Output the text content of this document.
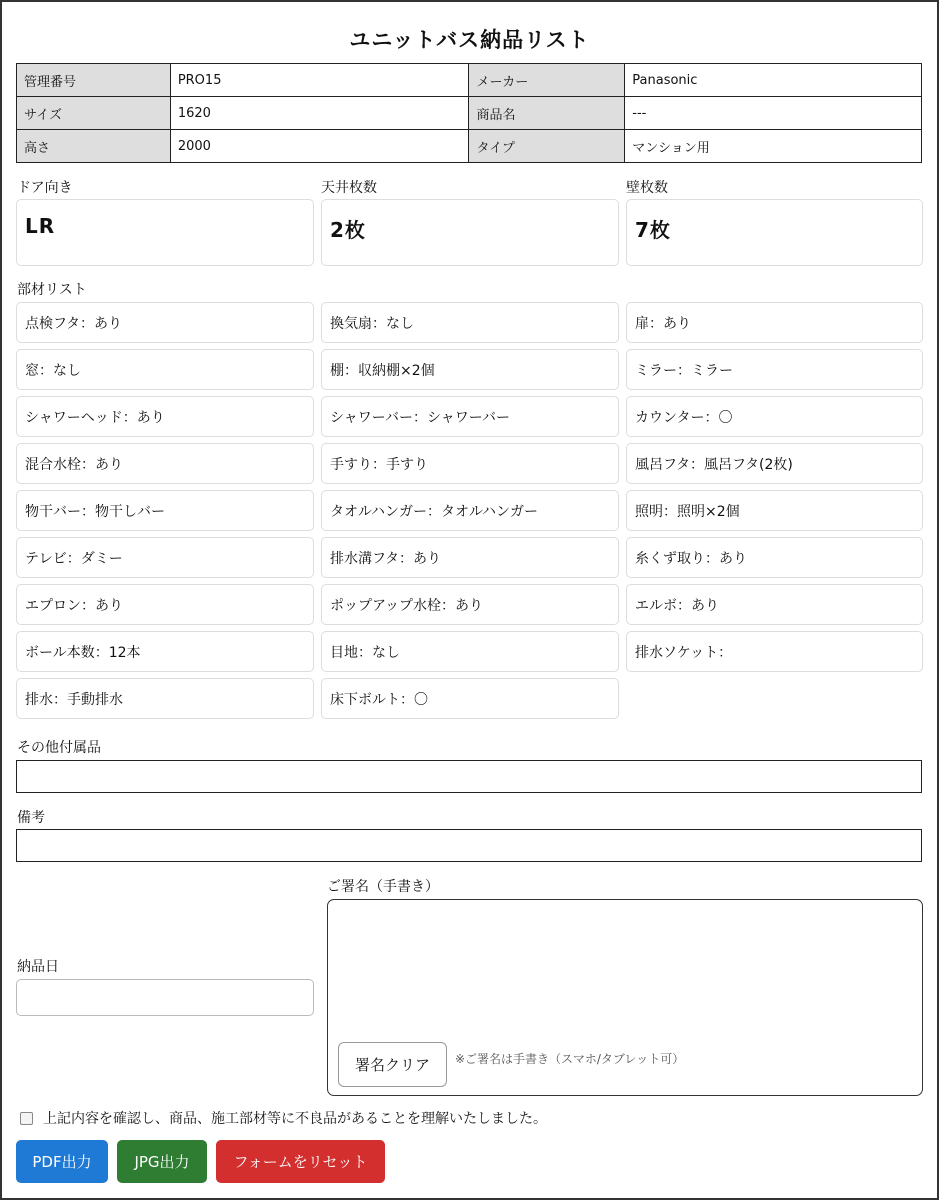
ユニットバス納品リスト
管理番号	PRO15	メーカー	Panasonic
サイズ	1620	商品名	---
高さ	2000	タイプ	マンション用
ドア向き	天井枚数	壁枚数
LR	2枚	7枚
部材リスト
点検フタ：あり	換気扇：なし	扉：あり
窓：なし	棚：収納棚×2個	ミラー：ミラー
シャワーヘッド：あり	シャワーバー：シャワーバー	カウンター：〇
混合水栓：あり	手すり：手すり	風呂フタ：風呂フタ(2枚)
物干バー：物干しバー	タオルハンガー：タオルハンガー	照明：照明×2個
テレビ：ダミー	排水溝フタ：あり	糸くず取り：あり
エプロン：あり	ポップアップ水栓：あり	エルボ：あり
ボール本数：12本	目地：なし	排水ソケット：
排水：手動排水	床下ボルト：〇
その他付属品
備考
ご署名（手書き）
納品日
署名クリア	※ご署名は手書き（スマホ/タブレット可）
上記内容を確認し、商品、施工部材等に不良品があることを理解いたしました。
PDF出力	JPG出力	フォームをリセット
